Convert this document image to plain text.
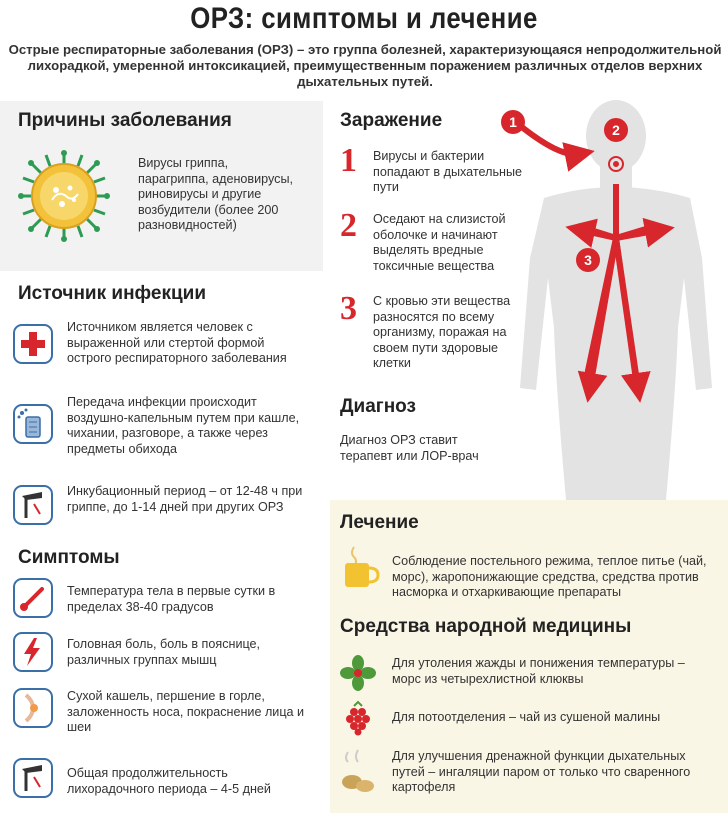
ОРЗ: симптомы и лечение
Острые респираторные заболевания (ОРЗ) – это группа болезней, характеризующаяся непродолжительной лихорадкой, умеренной интоксикацией, преимущественным поражением различных отделов верхних дыхательных путей.
Причины заболевания
Вирусы гриппа, парагриппа, аденовирусы, риновирусы и другие возбудители (более 200 разновидностей)
Источник инфекции
Источником является человек с выраженной или стертой формой острого респираторного заболевания
Передача инфекции происходит воздушно-капельным путем при кашле, чихании, разговоре, а также через предметы обихода
Инкубационный период – от 12-48 ч при гриппе, до 1-14 дней при других ОРЗ
Симптомы
Температура тела в первые сутки в пределах 38-40 градусов
Головная боль, боль в пояснице, различных группах мышц
Сухой кашель, першение в горле, заложенность носа, покраснение лица и шеи
Общая продолжительность лихорадочного периода – 4-5 дней
1	2
3
Заражение
1 Вирусы и бактерии попадают в дыхательные пути
2 Оседают на слизистой оболочке и начинают выделять вредные токсичные вещества
3 С кровью эти вещества разносятся по всему организму, поражая на своем пути здоровые клетки
Диагноз
Диагноз ОРЗ ставит терапевт или ЛОР-врач
Лечение
Соблюдение постельного режима, теплое питье (чай, морс), жаропонижающие средства, средства против насморка и отхаркивающие препараты
Средства народной медицины
Для утоления жажды и понижения температуры – морс из четырехлистной клюквы
Для потоотделения – чай из сушеной малины
Для улучшения дренажной функции дыхательных путей – ингаляции паром от только что сваренного картофеля
